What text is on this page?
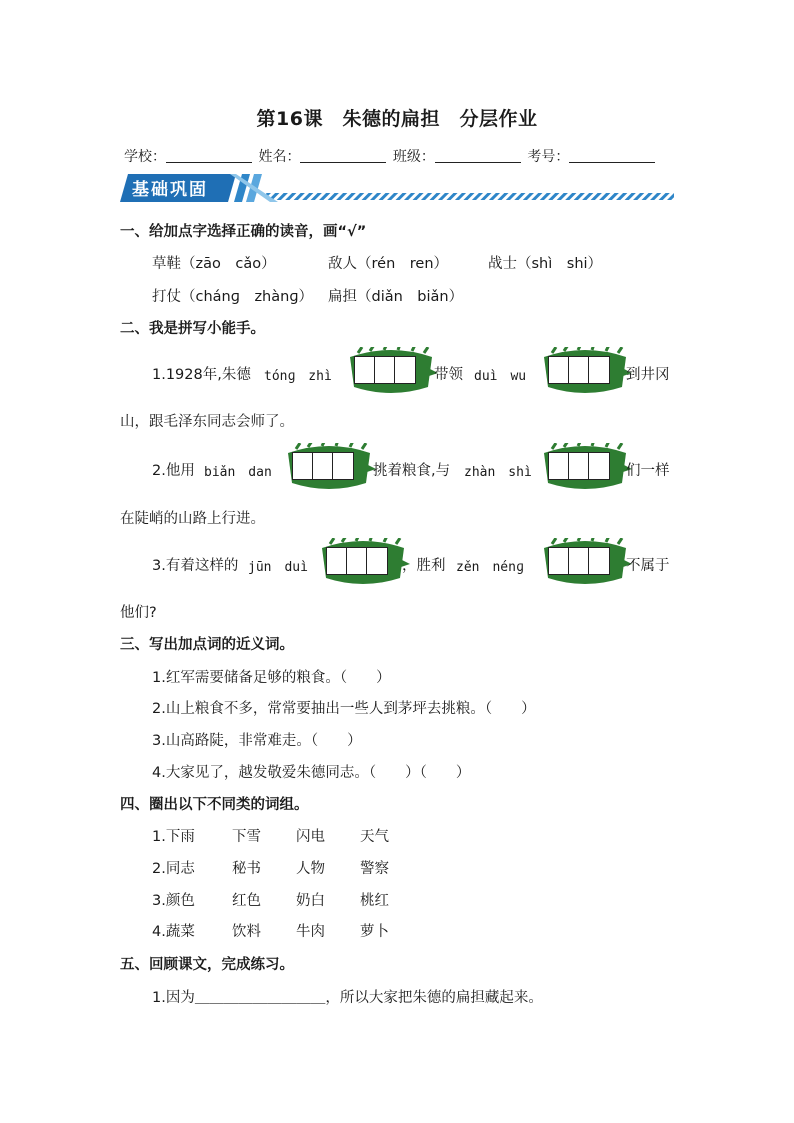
第16课　朱德的扁担　分层作业
学校：	姓名：	班级：	考号：
基础巩固
一、给加点字选择正确的读音，画“√”
草鞋（zāo　cǎo）	敌人（rén　ren）	战士（shì　shi）
打仗（chánɡ　zhànɡ） 扁担（diǎn　biǎn）
二、我是拼写小能手。
1.1928年,朱德 tónɡ　zhì	带领 duì　wu	到井冈
山，跟毛泽东同志会师了。
2.他用 biǎn　dan	挑着粮食,与 zhàn　shì	们一样
在陡峭的山路上行进。
3.有着这样的 jūn　duì	，胜利 zěn　nénɡ	不属于
他们?
三、写出加点词的近义词。
1.红军需要储备足够的粮食。（　　）
2.山上粮食不多，常常要抽出一些人到茅坪去挑粮。（　　）
3.山高路陡，非常难走。（　　）
4.大家见了，越发敬爱朱德同志。（　　）（　　）
四、圈出以下不同类的词组。
1.下雨	下雪 闪电 天气
2.同志	秘书 人物 警察
3.颜色	红色 奶白 桃红
4.蔬菜	饮料 牛肉 萝卜
五、回顾课文，完成练习。
1.因为＿＿＿＿＿＿＿＿＿，所以大家把朱德的扁担藏起来。
